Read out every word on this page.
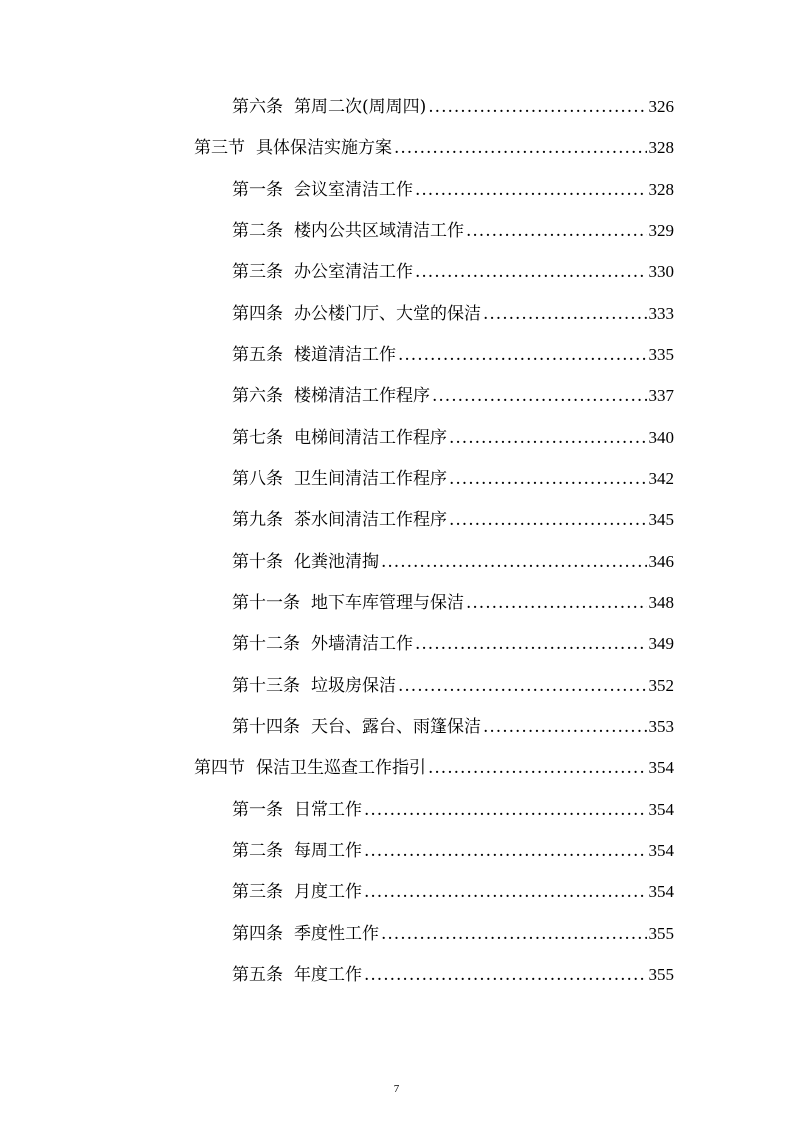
第六条 第周二次(周周四) .....	326
第三节 具体保洁实施方案 .....	328
第一条 会议室清洁工作 .....	328
第二条 楼内公共区域清洁工作 .....	329
第三条 办公室清洁工作 .....	330
第四条 办公楼门厅、大堂的保洁 .....	333
第五条 楼道清洁工作 .....	335
第六条 楼梯清洁工作程序 .....	337
第七条 电梯间清洁工作程序 .....	340
第八条 卫生间清洁工作程序 .....	342
第九条 茶水间清洁工作程序 .....	345
第十条 化粪池清掏 .....	346
第十一条 地下车库管理与保洁 .....	348
第十二条 外墙清洁工作 .....	349
第十三条 垃圾房保洁 .....	352
第十四条 天台、露台、雨篷保洁 .....	353
第四节 保洁卫生巡查工作指引 .....	354
第一条 日常工作 .....	354
第二条 每周工作 .....	354
第三条 月度工作 .....	354
第四条 季度性工作 .....	355
第五条 年度工作 .....	355
7
